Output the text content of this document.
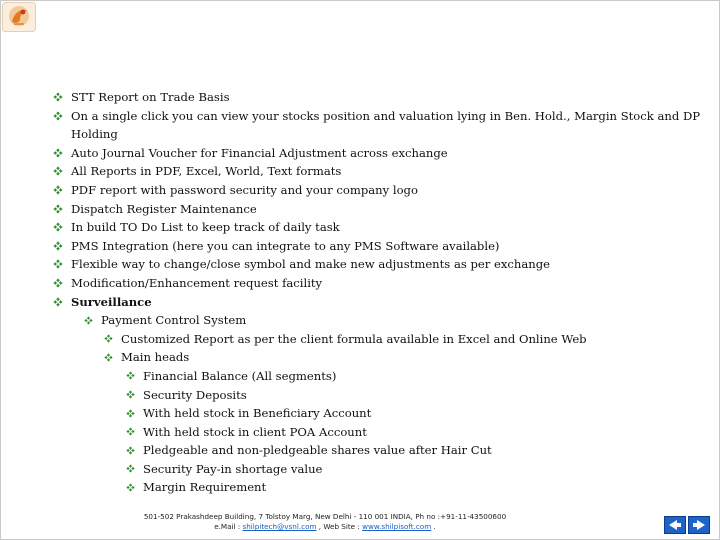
STT Report on Trade Basis
On a single click you can view your stocks position and valuation lying in Ben. Hold., Margin Stock and DP
Holding
Auto Journal Voucher for Financial Adjustment across exchange
All Reports in PDF, Excel, World, Text formats
PDF report with password security and your company logo
Dispatch Register Maintenance
In build TO Do List to keep track of daily task
PMS Integration (here you can integrate to any PMS Software available)
Flexible way to change/close symbol and make new adjustments as per exchange
Modification/Enhancement request facility
Surveillance
Payment Control System
Customized Report as per the client formula available in Excel and Online Web
Main heads
Financial Balance (All segments)
Security Deposits
With held stock in Beneficiary Account
With held stock in client POA Account
Pledgeable and non-pledgeable shares value after Hair Cut
Security Pay-in shortage value
Margin Requirement
501-502 Prakashdeep Building, 7 Tolstoy Marg, New Delhi - 110 001 INDIA, Ph no :+91-11-43500600
e.Mail : shilpitech@vsnl.com , Web Site : www.shilpisoft.com .
